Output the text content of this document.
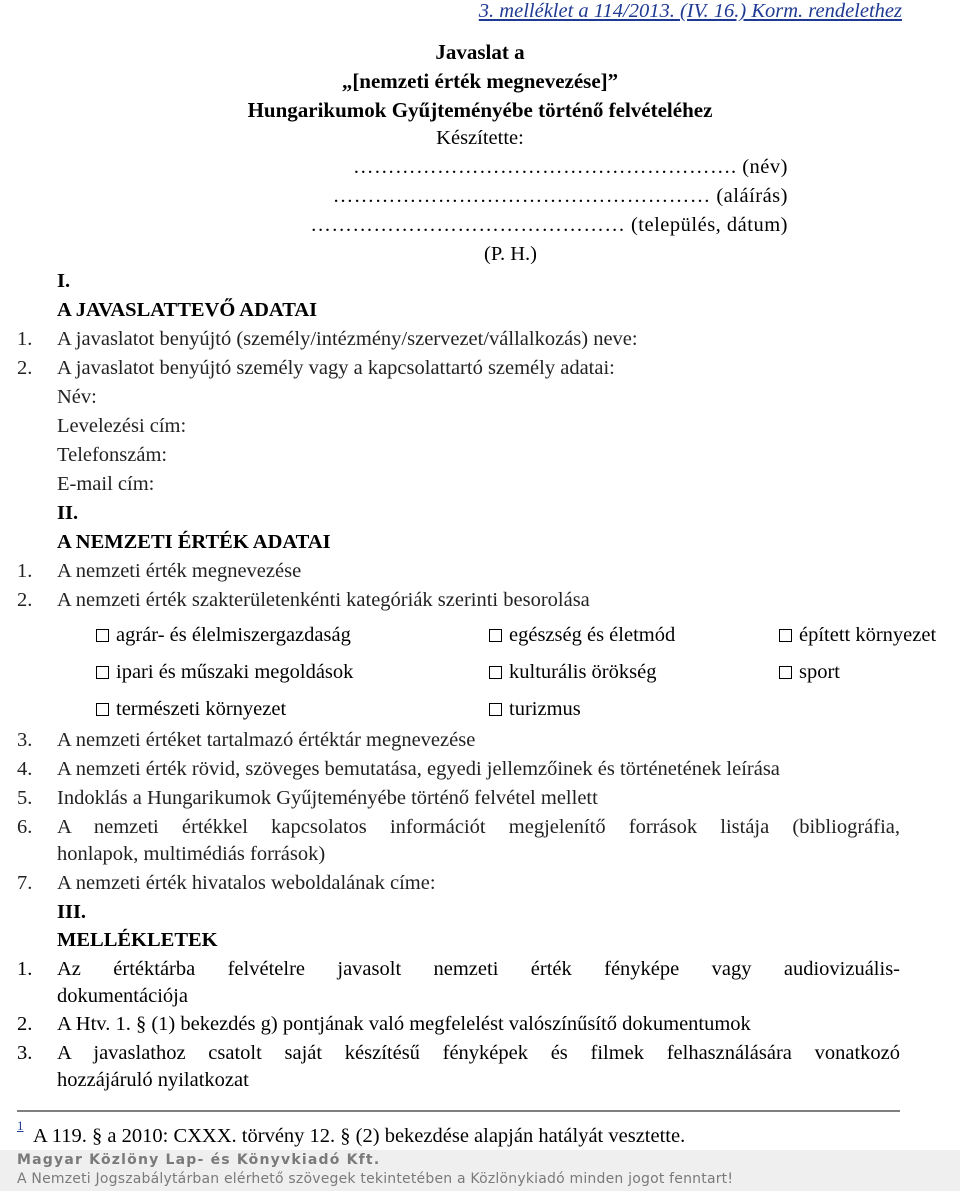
3. melléklet a 114/2013. (IV. 16.) Korm. rendelethez
Javaslat a
„[nemzeti érték megnevezése]”
Hungarikumok Gyűjteményébe történő felvételéhez
Készítette:
………………………………………………. (név)
……………………………………………… (aláírás)
……………………………………… (település, dátum)
(P. H.)
I.
A JAVASLATTEVŐ ADATAI
1. A javaslatot benyújtó (személy/intézmény/szervezet/vállalkozás) neve:
2. A javaslatot benyújtó személy vagy a kapcsolattartó személy adatai:
Név:
Levelezési cím:
Telefonszám:
E-mail cím:
II.
A NEMZETI ÉRTÉK ADATAI
1. A nemzeti érték megnevezése
2. A nemzeti érték szakterületenkénti kategóriák szerinti besorolása
agrár- és élelmiszergazdaság	egészség és életmód	épített környezet
ipari és műszaki megoldások	kulturális örökség	sport
természeti környezet	turizmus
3. A nemzeti értéket tartalmazó értéktár megnevezése
4. A nemzeti érték rövid, szöveges bemutatása, egyedi jellemzőinek és történetének leírása
5. Indoklás a Hungarikumok Gyűjteményébe történő felvétel mellett
6. A nemzeti értékkel kapcsolatos információt megjelenítő források listája (bibliográfia,
honlapok, multimédiás források)
7. A nemzeti érték hivatalos weboldalának címe:
III.
MELLÉKLETEK
1. Az értéktárba felvételre javasolt nemzeti érték fényképe vagy audiovizuális-
dokumentációja
2. A Htv. 1. § (1) bekezdés g) pontjának való megfelelést valószínűsítő dokumentumok
3. A javaslathoz csatolt saját készítésű fényképek és filmek felhasználására vonatkozó
hozzájáruló nyilatkozat
1 A 119. § a 2010: CXXX. törvény 12. § (2) bekezdése alapján hatályát vesztette.
Magyar Közlöny Lap- és Könyvkiadó Kft.
A Nemzeti Jogszabálytárban elérhető szövegek tekintetében a Közlönykiadó minden jogot fenntart!
